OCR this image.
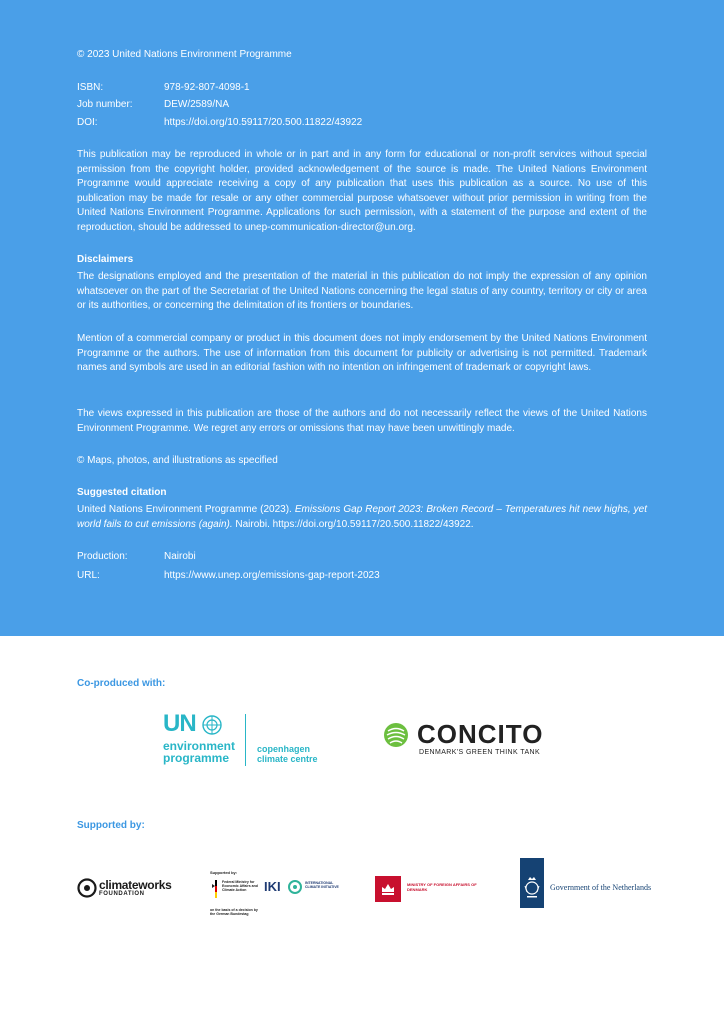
© 2023 United Nations Environment Programme

ISBN:	978-92-807-4098-1
Job number:	DEW/2589/NA
DOI:	https://doi.org/10.59117/20.500.11822/43922

This publication may be reproduced in whole or in part and in any form for educational or non-profit services without special permission from the copyright holder, provided acknowledgement of the source is made. The United Nations Environment Programme would appreciate receiving a copy of any publication that uses this publication as a source. No use of this publication may be made for resale or any other commercial purpose whatsoever without prior permission in writing from the United Nations Environment Programme. Applications for such permission, with a statement of the purpose and extent of the reproduction, should be addressed to unep-communication-director@un.org.

Disclaimers

The designations employed and the presentation of the material in this publication do not imply the expression of any opinion whatsoever on the part of the Secretariat of the United Nations concerning the legal status of any country, territory or city or area or its authorities, or concerning the delimitation of its frontiers or boundaries.

Mention of a commercial company or product in this document does not imply endorsement by the United Nations Environment Programme or the authors. The use of information from this document for publicity or advertising is not permitted. Trademark names and symbols are used in an editorial fashion with no intention on infringement of trademark or copyright laws.

The views expressed in this publication are those of the authors and do not necessarily reflect the views of the United Nations Environment Programme. We regret any errors or omissions that may have been unwittingly made.

© Maps, photos, and illustrations as specified

Suggested citation

United Nations Environment Programme (2023). Emissions Gap Report 2023: Broken Record – Temperatures hit new highs, yet world fails to cut emissions (again). Nairobi. https://doi.org/10.59117/20.500.11822/43922.

Production:	Nairobi
URL:	https://www.unep.org/emissions-gap-report-2023
Co-produced with:
UN
environment
programme
copenhagen
climate centre
CONCITO
DENMARK'S GREEN THINK TANK
Supported by:
climateworks
FOUNDATION
Supported by:
Federal Ministry for Economic Affairs and Climate Action
on the basis of a decision by the German Bundestag
IKI	INTERNATIONAL CLIMATE INITIATIVE
MINISTRY OF FOREIGN AFFAIRS OF DENMARK	Government of the Netherlands
